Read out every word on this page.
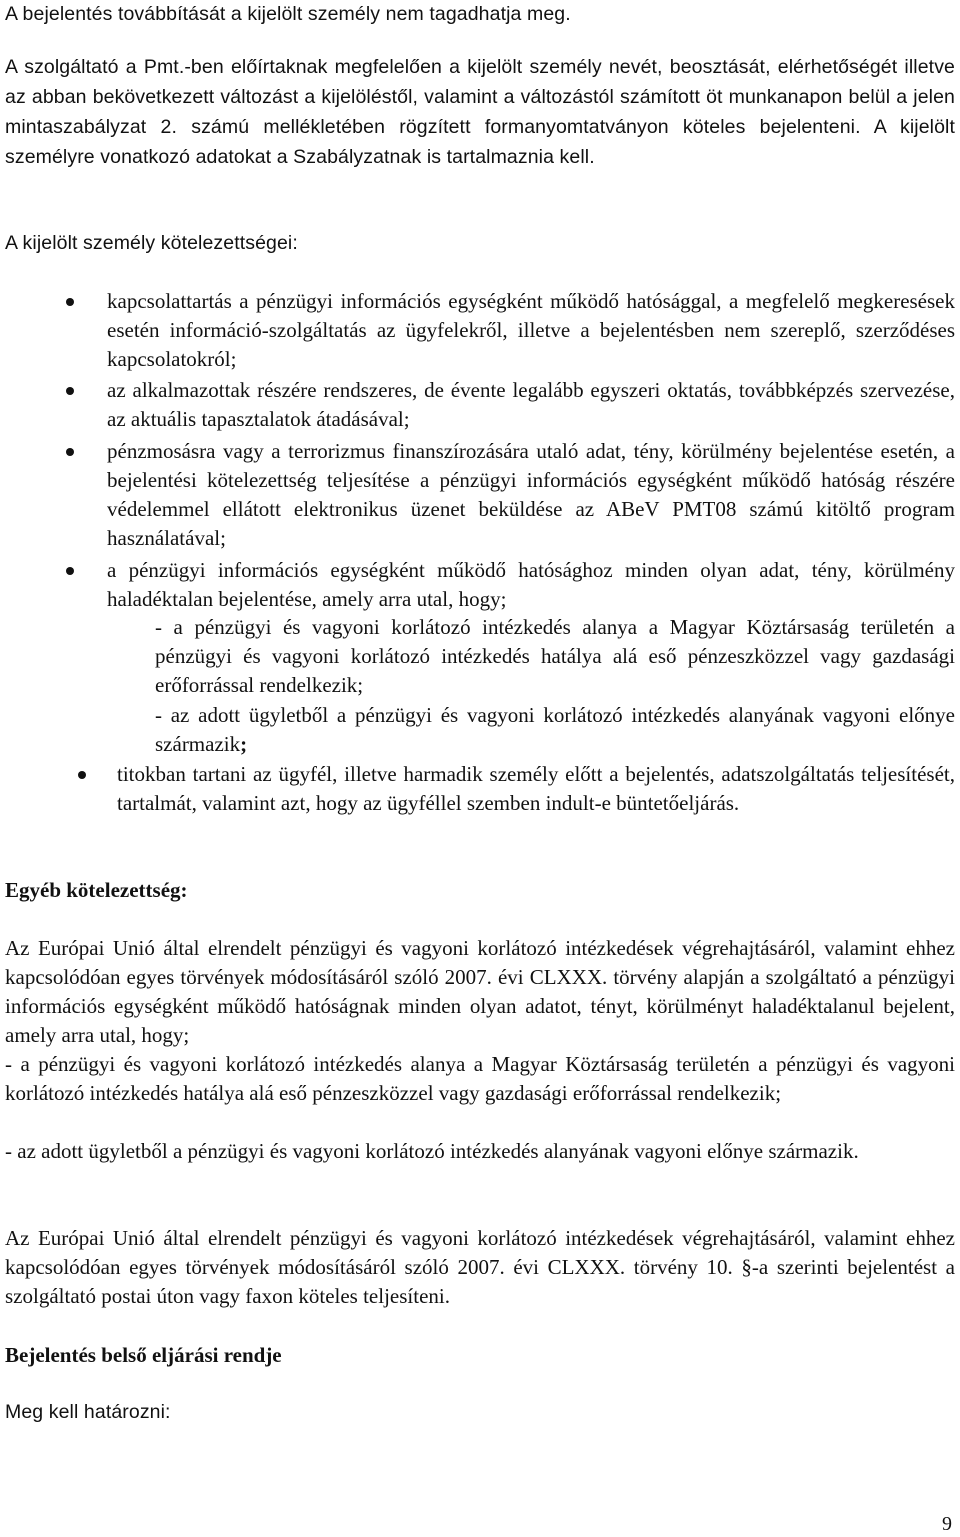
A bejelentés továbbítását a kijelölt személy nem tagadhatja meg.

A szolgáltató a Pmt.-ben előírtaknak megfelelően a kijelölt személy nevét, beosztását, elérhetőségét illetve az abban bekövetkezett változást a kijelöléstől, valamint a változástól számított öt munkanapon belül a jelen mintaszabályzat 2. számú mellékletében rögzített formanyomtatványon köteles bejelenteni. A kijelölt személyre vonatkozó adatokat a Szabályzatnak is tartalmaznia kell.

A kijelölt személy kötelezettségei:

kapcsolattartás a pénzügyi információs egységként működő hatósággal, a megfelelő megkeresések esetén információ-szolgáltatás az ügyfelekről, illetve a bejelentésben nem szereplő, szerződéses kapcsolatokról;

az alkalmazottak részére rendszeres, de évente legalább egyszeri oktatás, továbbképzés szervezése, az aktuális tapasztalatok átadásával;

pénzmosásra vagy a terrorizmus finanszírozására utaló adat, tény, körülmény bejelentése esetén, a bejelentési kötelezettség teljesítése a pénzügyi információs egységként működő hatóság részére védelemmel ellátott elektronikus üzenet beküldése az ABeV PMT08 számú kitöltő program használatával;

a pénzügyi információs egységként működő hatósághoz minden olyan adat, tény, körülmény haladéktalan bejelentése, amely arra utal, hogy;

- a pénzügyi és vagyoni korlátozó intézkedés alanya a Magyar Köztársaság területén a pénzügyi és vagyoni korlátozó intézkedés hatálya alá eső pénzeszközzel vagy gazdasági erőforrással rendelkezik;

- az adott ügyletből a pénzügyi és vagyoni korlátozó intézkedés alanyának vagyoni előnye származik;

titokban tartani az ügyfél, illetve harmadik személy előtt a bejelentés, adatszolgáltatás teljesítését, tartalmát, valamint azt, hogy az ügyféllel szemben indult-e büntetőeljárás.

Egyéb kötelezettség:

Az Európai Unió által elrendelt pénzügyi és vagyoni korlátozó intézkedések végrehajtásáról, valamint ehhez kapcsolódóan egyes törvények módosításáról szóló 2007. évi CLXXX. törvény alapján a szolgáltató a pénzügyi információs egységként működő hatóságnak minden olyan adatot, tényt, körülményt haladéktalanul bejelent, amely arra utal, hogy;

- a pénzügyi és vagyoni korlátozó intézkedés alanya a Magyar Köztársaság területén a pénzügyi és vagyoni korlátozó intézkedés hatálya alá eső pénzeszközzel vagy gazdasági erőforrással rendelkezik;

- az adott ügyletből a pénzügyi és vagyoni korlátozó intézkedés alanyának vagyoni előnye származik.

Az Európai Unió által elrendelt pénzügyi és vagyoni korlátozó intézkedések végrehajtásáról, valamint ehhez kapcsolódóan egyes törvények módosításáról szóló 2007. évi CLXXX. törvény 10. §-a szerinti bejelentést a szolgáltató postai úton vagy faxon köteles teljesíteni.

Bejelentés belső eljárási rendje

Meg kell határozni:

9
